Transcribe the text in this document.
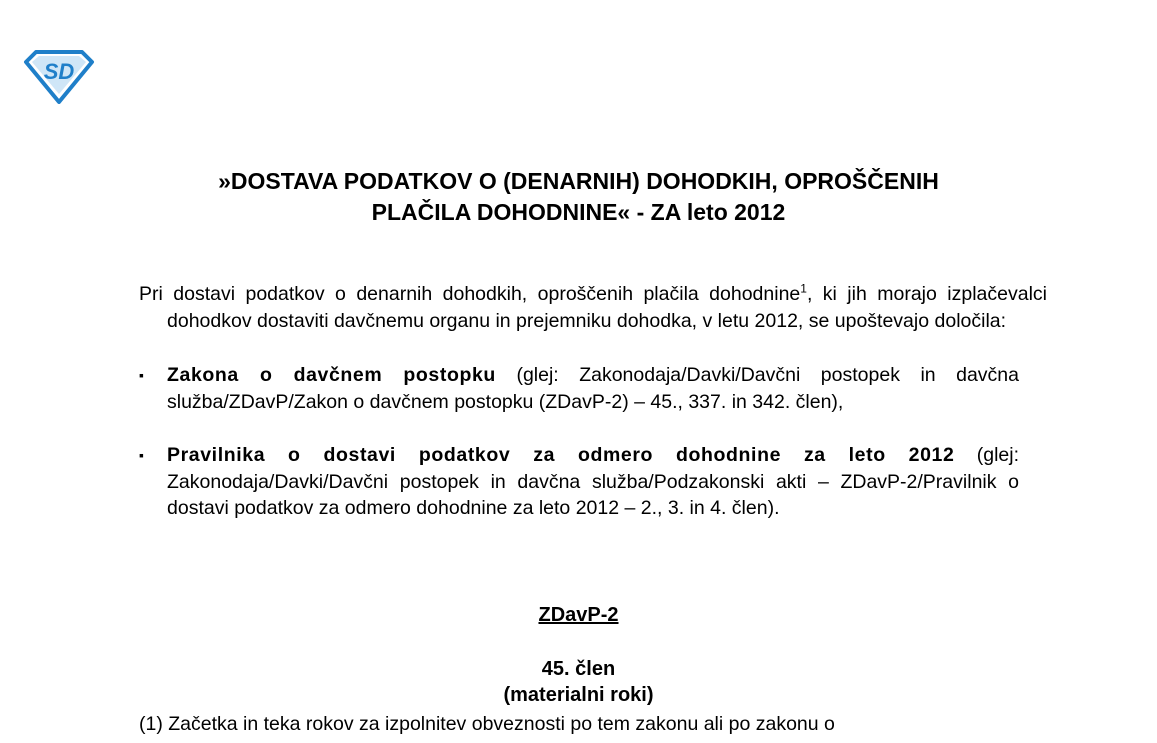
SD
»DOSTAVA PODATKOV O (DENARNIH) DOHODKIH, OPROŠČENIH
PLAČILA DOHODNINE« - ZA leto 2012
Pri dostavi podatkov o denarnih dohodkih, oproščenih plačila dohodnine$^1$, ki jih morajo izplačevalci dohodkov dostaviti davčnemu organu in prejemniku dohodka, v letu 2012, se upoštevajo določila:
▪	Zakona o davčnem postopku (glej: Zakonodaja/Davki/Davčni postopek in davčna služba/ZDavP/Zakon o davčnem postopku (ZDavP-2) – 45., 337. in 342. člen),
▪	Pravilnika o dostavi podatkov za odmero dohodnine za leto 2012 (glej: Zakonodaja/Davki/Davčni postopek in davčna služba/Podzakonski akti – ZDavP-2/Pravilnik o dostavi podatkov za odmero dohodnine za leto 2012 – 2., 3. in 4. člen).
ZDavP-2
45. člen
(materialni roki)
(1) Začetka in teka rokov za izpolnitev obveznosti po tem zakonu ali po zakonu o
